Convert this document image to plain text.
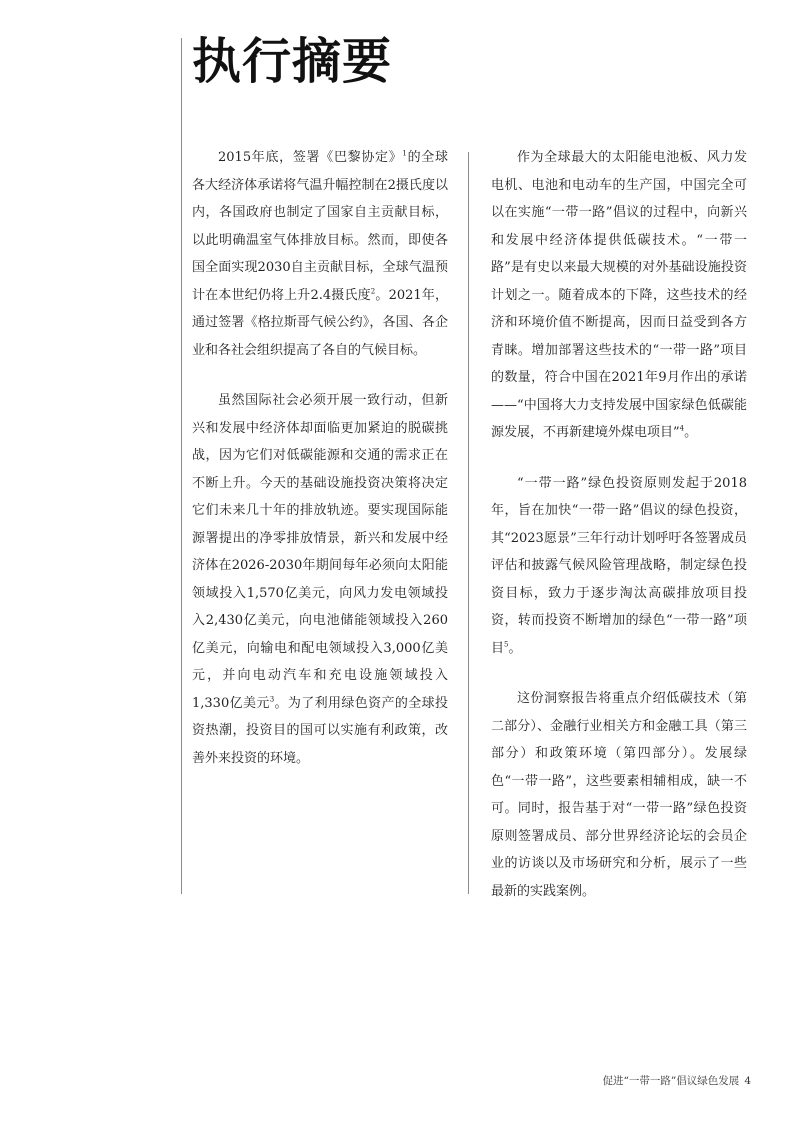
执行摘要

2015年底，签署《巴黎协定》$^1$的全球各大经济体承诺将气温升幅控制在2摄氏度以内，各国政府也制定了国家自主贡献目标，以此明确温室气体排放目标。然而，即使各国全面实现2030自主贡献目标，全球气温预计在本世纪仍将上升2.4摄氏度$^2$。2021年，通过签署《格拉斯哥气候公约》，各国、各企业和各社会组织提高了各自的气候目标。

虽然国际社会必须开展一致行动，但新兴和发展中经济体却面临更加紧迫的脱碳挑战，因为它们对低碳能源和交通的需求正在不断上升。今天的基础设施投资决策将决定它们未来几十年的排放轨迹。要实现国际能源署提出的净零排放情景，新兴和发展中经济体在2026-2030年期间每年必须向太阳能领域投入1,570亿美元，向风力发电领域投入2,430亿美元，向电池储能领域投入260亿美元，向输电和配电领域投入3,000亿美元，并向电动汽车和充电设施领域投入1,330亿美元$^3$。为了利用绿色资产的全球投资热潮，投资目的国可以实施有利政策，改善外来投资的环境。

作为全球最大的太阳能电池板、风力发电机、电池和电动车的生产国，中国完全可以在实施“一带一路”倡议的过程中，向新兴和发展中经济体提供低碳技术。“一带一路”是有史以来最大规模的对外基础设施投资计划之一。随着成本的下降，这些技术的经济和环境价值不断提高，因而日益受到各方青睐。增加部署这些技术的“一带一路”项目的数量，符合中国在2021年9月作出的承诺——“中国将大力支持发展中国家绿色低碳能源发展，不再新建境外煤电项目”$^4$。

“一带一路”绿色投资原则发起于2018年，旨在加快“一带一路”倡议的绿色投资，其“2023愿景”三年行动计划呼吁各签署成员评估和披露气候风险管理战略，制定绿色投资目标，致力于逐步淘汰高碳排放项目投资，转而投资不断增加的绿色“一带一路”项目$^5$。

这份洞察报告将重点介绍低碳技术（第二部分）、金融行业相关方和金融工具（第三部分）和政策环境（第四部分）。发展绿色“一带一路”，这些要素相辅相成，缺一不可。同时，报告基于对“一带一路”绿色投资原则签署成员、部分世界经济论坛的会员企业的访谈以及市场研究和分析，展示了一些最新的实践案例。

促进“一带一路”倡议绿色发展 4
